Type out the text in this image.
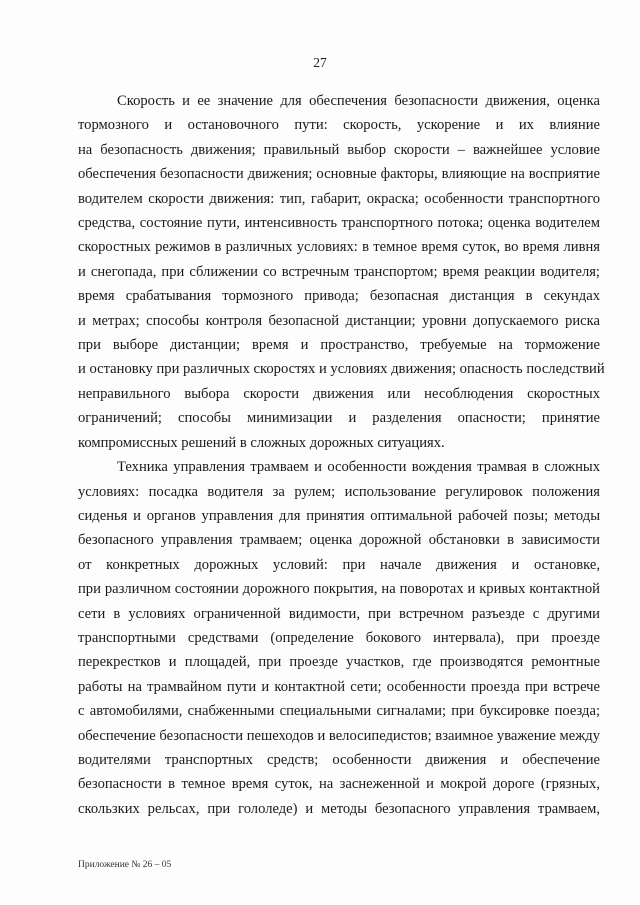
27

Скорость и ее значение для обеспечения безопасности движения, оценка
тормозного и остановочного пути: скорость, ускорение и их влияние
на безопасность движения; правильный выбор скорости – важнейшее условие
обеспечения безопасности движения; основные факторы, влияющие на восприятие
водителем скорости движения: тип, габарит, окраска; особенности транспортного
средства, состояние пути, интенсивность транспортного потока; оценка водителем
скоростных режимов в различных условиях: в темное время суток, во время ливня
и снегопада, при сближении со встречным транспортом; время реакции водителя;
время срабатывания тормозного привода; безопасная дистанция в секундах
и метрах; способы контроля безопасной дистанции; уровни допускаемого риска
при выборе дистанции; время и пространство, требуемые на торможение
и остановку при различных скоростях и условиях движения; опасность последствий
неправильного выбора скорости движения или несоблюдения скоростных
ограничений; способы минимизации и разделения опасности; принятие
компромиссных решений в сложных дорожных ситуациях.

Техника управления трамваем и особенности вождения трамвая в сложных
условиях: посадка водителя за рулем; использование регулировок положения
сиденья и органов управления для принятия оптимальной рабочей позы; методы
безопасного управления трамваем; оценка дорожной обстановки в зависимости
от конкретных дорожных условий: при начале движения и остановке,
при различном состоянии дорожного покрытия, на поворотах и кривых контактной
сети в условиях ограниченной видимости, при встречном разъезде с другими
транспортными средствами (определение бокового интервала), при проезде
перекрестков и площадей, при проезде участков, где производятся ремонтные
работы на трамвайном пути и контактной сети; особенности проезда при встрече
с автомобилями, снабженными специальными сигналами; при буксировке поезда;
обеспечение безопасности пешеходов и велосипедистов; взаимное уважение между
водителями транспортных средств; особенности движения и обеспечение
безопасности в темное время суток, на заснеженной и мокрой дороге (грязных,
скользких рельсах, при гололеде) и методы безопасного управления трамваем,

Приложение № 26 – 05
